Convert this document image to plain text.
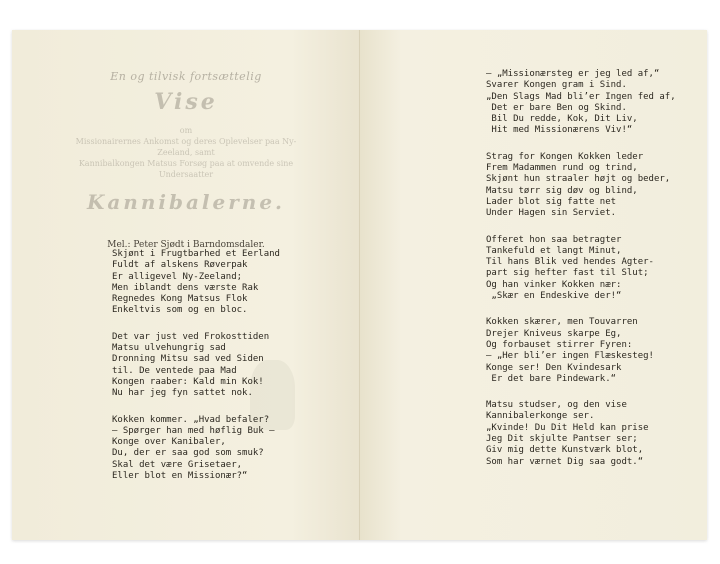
En og tilvisk fortsættelig
Vise
om
Missionairernes Ankomst og deres Oplevelser paa Ny-Zeeland, samt
Kannibalkongen Matsus Forsøg paa at omvende sine Undersaatter
Kannibalerne.
Mel.: Peter Sjødt i Barndomsdaler.
Skjønt i Frugtbarhed et Eerland
Fuldt af alskens Røverpak
Er alligevel Ny-Zeeland;
Men iblandt dens værste Rak
Regnedes Kong Matsus Flok
Enkeltvis som og en bloc.
Det var just ved Frokosttiden
Matsu ulvehungrig sad
Dronning Mitsu sad ved Siden
til. De ventede paa Mad
Kongen raaber: Kald min Kok!
Nu har jeg fyn sattet nok.
Kokken kommer. „Hvad befaler?
– Spørger han med høflig Buk –
Konge over Kanibaler,
Du, der er saa god som smuk?
Skal det være Grisetaer,
Eller blot en Missionær?“
– „Missionærsteg er jeg led af,“
Svarer Kongen gram i Sind.
„Den Slags Mad bli’er Ingen fed af,
Det er bare Ben og Skind.
Bil Du redde, Kok, Dit Liv,
Hit med Missionærens Viv!“
Strag for Kongen Kokken leder
Frem Madammen rund og trind,
Skjønt hun straaler højt og beder,
Matsu tørr sig døv og blind,
Lader blot sig fatte net
Under Hagen sin Serviet.
Offeret hon saa betragter
Tankefuld et langt Minut,
Til hans Blik ved hendes Agter-
part sig hefter fast til Slut;
Og han vinker Kokken nær:
„Skær en Endeskive der!“
Kokken skærer, men Touvarren
Drejer Kniveus skarpe Eg,
Og forbauset stirrer Fyren:
– „Her bli’er ingen Flæskesteg!
Konge ser! Den Kvindesark
Er det bare Pindewark.“
Matsu studser, og den vise
Kannibalerkonge ser.
„Kvinde! Du Dit Held kan prise
Jeg Dit skjulte Pantser ser;
Giv mig dette Kunstværk blot,
Som har værnet Dig saa godt.“
